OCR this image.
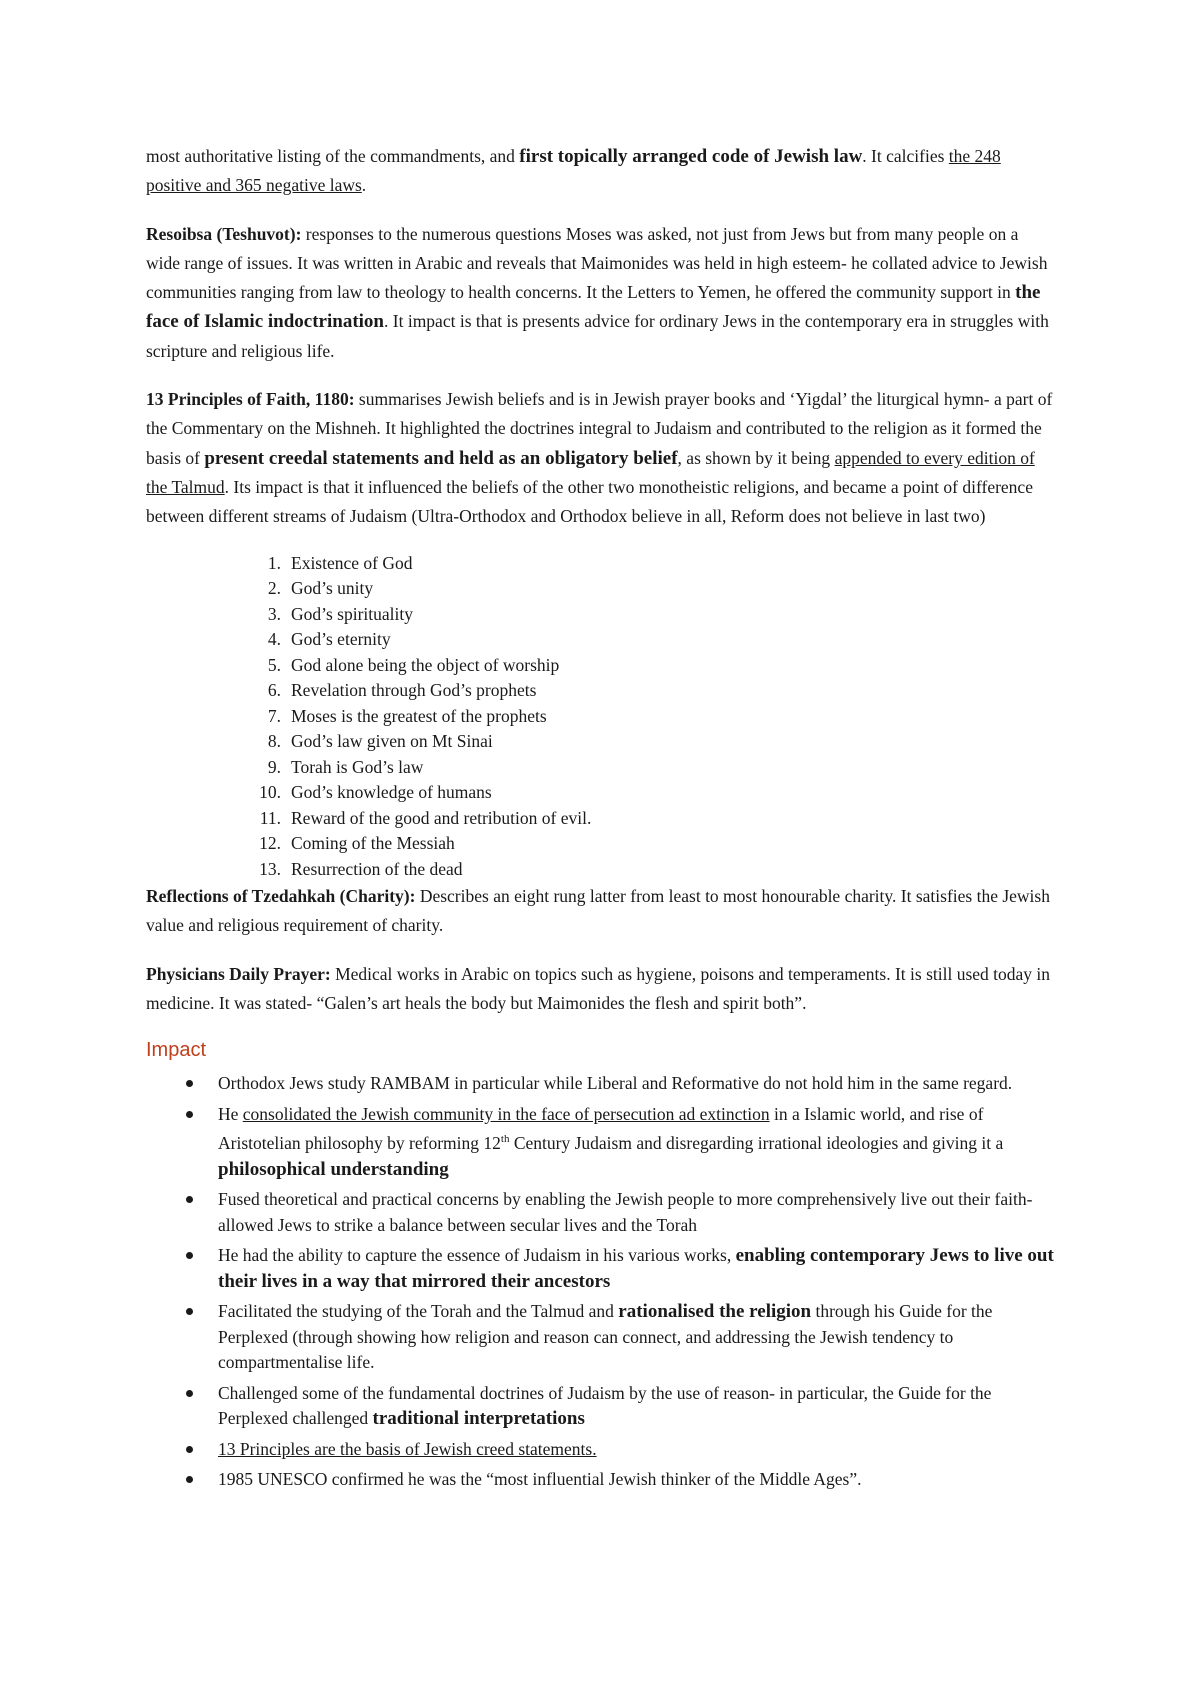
most authoritative listing of the commandments, and first topically arranged code of Jewish law. It calcifies the 248 positive and 365 negative laws.

Resoibsa (Teshuvot): responses to the numerous questions Moses was asked, not just from Jews but from many people on a wide range of issues. It was written in Arabic and reveals that Maimonides was held in high esteem- he collated advice to Jewish communities ranging from law to theology to health concerns. It the Letters to Yemen, he offered the community support in the face of Islamic indoctrination. It impact is that is presents advice for ordinary Jews in the contemporary era in struggles with scripture and religious life.

13 Principles of Faith, 1180: summarises Jewish beliefs and is in Jewish prayer books and ‘Yigdal’ the liturgical hymn- a part of the Commentary on the Mishneh. It highlighted the doctrines integral to Judaism and contributed to the religion as it formed the basis of present creedal statements and held as an obligatory belief, as shown by it being appended to every edition of the Talmud. Its impact is that it influenced the beliefs of the other two monotheistic religions, and became a point of difference between different streams of Judaism (Ultra-Orthodox and Orthodox believe in all, Reform does not believe in last two)

1. Existence of God
2. God’s unity
3. God’s spirituality
4. God’s eternity
5. God alone being the object of worship
6. Revelation through God’s prophets
7. Moses is the greatest of the prophets
8. God’s law given on Mt Sinai
9. Torah is God’s law
10. God’s knowledge of humans
11. Reward of the good and retribution of evil.
12. Coming of the Messiah
13. Resurrection of the dead

Reflections of Tzedahkah (Charity): Describes an eight rung latter from least to most honourable charity. It satisfies the Jewish value and religious requirement of charity.

Physicians Daily Prayer: Medical works in Arabic on topics such as hygiene, poisons and temperaments. It is still used today in medicine. It was stated- “Galen’s art heals the body but Maimonides the flesh and spirit both”.

Impact
Orthodox Jews study RAMBAM in particular while Liberal and Reformative do not hold him in the same regard.
He consolidated the Jewish community in the face of persecution ad extinction in a Islamic world, and rise of Aristotelian philosophy by reforming 12th Century Judaism and disregarding irrational ideologies and giving it a philosophical understanding
Fused theoretical and practical concerns by enabling the Jewish people to more comprehensively live out their faith- allowed Jews to strike a balance between secular lives and the Torah
He had the ability to capture the essence of Judaism in his various works, enabling contemporary Jews to live out their lives in a way that mirrored their ancestors
Facilitated the studying of the Torah and the Talmud and rationalised the religion through his Guide for the Perplexed (through showing how religion and reason can connect, and addressing the Jewish tendency to compartmentalise life.
Challenged some of the fundamental doctrines of Judaism by the use of reason- in particular, the Guide for the Perplexed challenged traditional interpretations
13 Principles are the basis of Jewish creed statements.
1985 UNESCO confirmed he was the “most influential Jewish thinker of the Middle Ages”.
